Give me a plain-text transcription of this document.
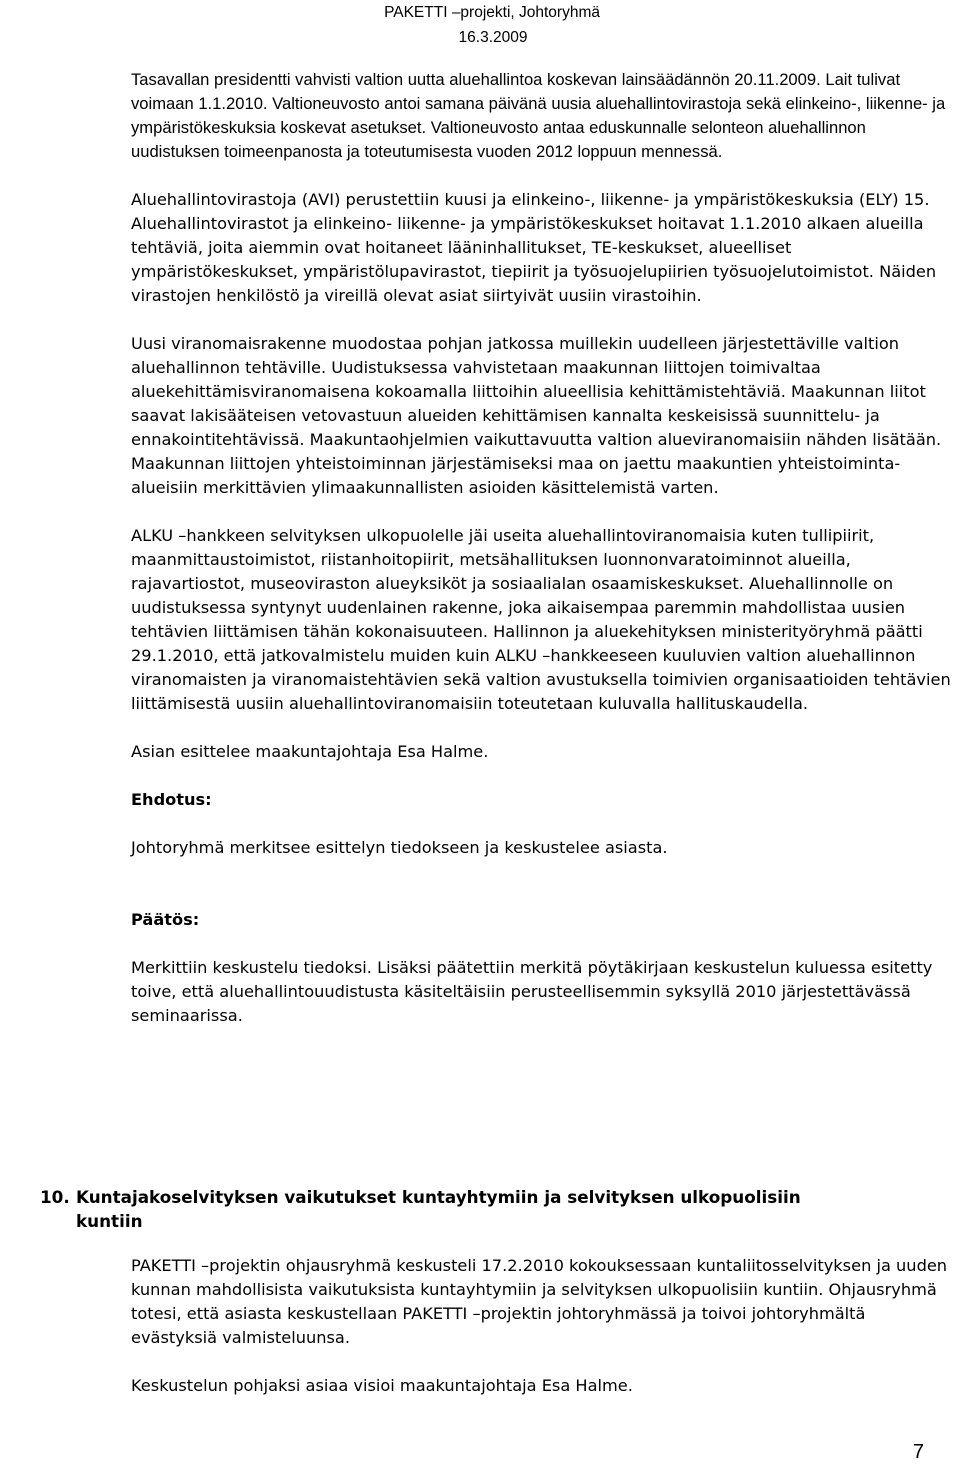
PAKETTI –projekti, Johtoryhmä
16.3.2009

Tasavallan presidentti vahvisti valtion uutta aluehallintoa koskevan lainsäädännön 20.11.2009. Lait tulivat voimaan 1.1.2010. Valtioneuvosto antoi samana päivänä uusia aluehallintovirastoja sekä elinkeino-, liikenne- ja ympäristökeskuksia koskevat asetukset. Valtioneuvosto antaa eduskunnalle selonteon aluehallinnon uudistuksen toimeenpanosta ja toteutumisesta vuoden 2012 loppuun mennessä.

Aluehallintovirastoja (AVI) perustettiin kuusi ja elinkeino-, liikenne- ja ympäristökeskuksia (ELY) 15. Aluehallintovirastot ja elinkeino- liikenne- ja ympäristökeskukset hoitavat 1.1.2010 alkaen alueilla tehtäviä, joita aiemmin ovat hoitaneet lääninhallitukset, TE-keskukset, alueelliset ympäristökeskukset, ympäristölupavirastot, tiepiirit ja työsuojelupiirien työsuojelutoimistot. Näiden virastojen henkilöstö ja vireillä olevat asiat siirtyivät uusiin virastoihin.

Uusi viranomaisrakenne muodostaa pohjan jatkossa muillekin uudelleen järjestettäville valtion aluehallinnon tehtäville. Uudistuksessa vahvistetaan maakunnan liittojen toimivaltaa aluekehittämisviranomaisena kokoamalla liittoihin alueellisia kehittämistehtäviä. Maakunnan liitot saavat lakisääteisen vetovastuun alueiden kehittämisen kannalta keskeisissä suunnittelu- ja ennakointitehtävissä. Maakuntaohjelmien vaikuttavuutta valtion alueviranomaisiin nähden lisätään. Maakunnan liittojen yhteistoiminnan järjestämiseksi maa on jaettu maakuntien yhteistoiminta-alueisiin merkittävien ylimaakunnallisten asioiden käsittelemistä varten.

ALKU –hankkeen selvityksen ulkopuolelle jäi useita aluehallintoviranomaisia kuten tullipiirit, maanmittaustoimistot, riistanhoitopiirit, metsähallituksen luonnonvaratoiminnot alueilla, rajavartiostot, museoviraston alueyksiköt ja sosiaalialan osaamiskeskukset. Aluehallinnolle on uudistuksessa syntynyt uudenlainen rakenne, joka aikaisempaa paremmin mahdollistaa uusien tehtävien liittämisen tähän kokonaisuuteen. Hallinnon ja aluekehityksen ministerityöryhmä päätti 29.1.2010, että jatkovalmistelu muiden kuin ALKU –hankkeeseen kuuluvien valtion aluehallinnon viranomaisten ja viranomaistehtävien sekä valtion avustuksella toimivien organisaatioiden tehtävien liittämisestä uusiin aluehallintoviranomaisiin toteutetaan kuluvalla hallituskaudella.

Asian esittelee maakuntajohtaja Esa Halme.

Ehdotus:

Johtoryhmä merkitsee esittelyn tiedokseen ja keskustelee asiasta.

Päätös:

Merkittiin keskustelu tiedoksi. Lisäksi päätettiin merkitä pöytäkirjaan keskustelun kuluessa esitetty toive, että aluehallintouudistusta käsiteltäisiin perusteellisemmin syksyllä 2010 järjestettävässä seminaarissa.

10. Kuntajakoselvityksen vaikutukset kuntayhtymiin ja selvityksen ulkopuolisiin
kuntiin

PAKETTI –projektin ohjausryhmä keskusteli 17.2.2010 kokouksessaan kuntaliitosselvityksen ja uuden kunnan mahdollisista vaikutuksista kuntayhtymiin ja selvityksen ulkopuolisiin kuntiin. Ohjausryhmä totesi, että asiasta keskustellaan PAKETTI –projektin johtoryhmässä ja toivoi johtoryhmältä evästyksiä valmisteluunsa.

Keskustelun pohjaksi asiaa visioi maakuntajohtaja Esa Halme.

7
